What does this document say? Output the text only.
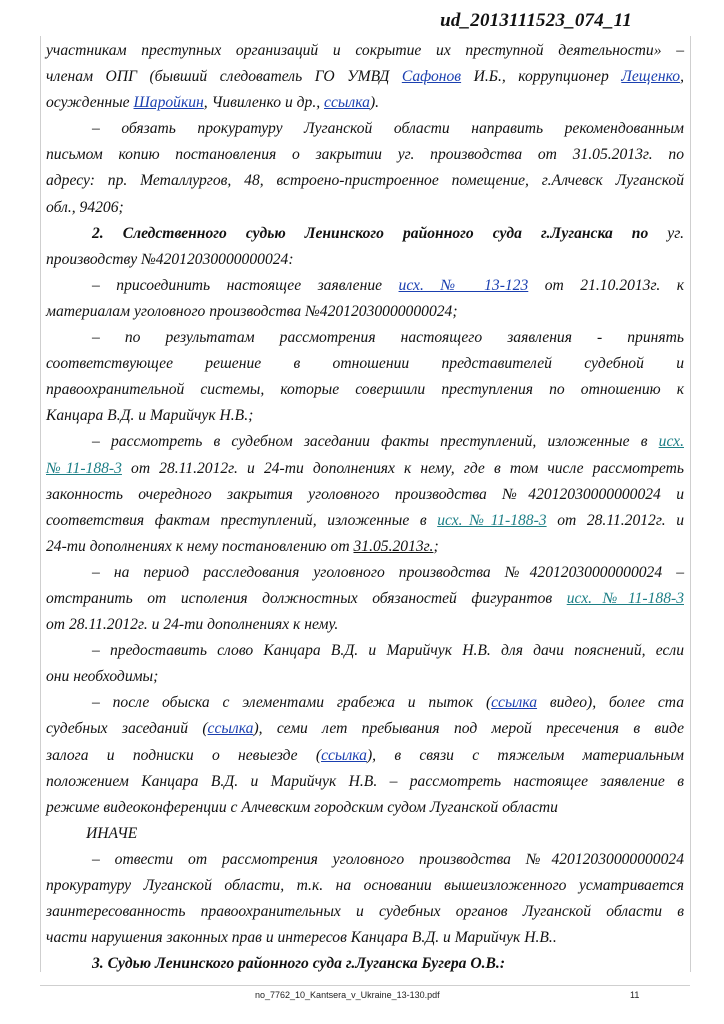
ud_2013111523_074_11
участникам преступных организаций и сокрытие их преступной деятельности» –
членам ОПГ (бывший следователь ГО УМВД Сафонов И.Б., коррупционер Лещенко,
осужденные Шаройкин, Чивиленко и др., ссылка).
– обязать прокуратуру Луганской области направить рекомендованным
письмом копию постановления о закрытии уг. производства от 31.05.2013г. по
адресу: пр. Металлургов, 48, встроено-пристроенное помещение, г.Алчевск Луганской
обл., 94206;
2. Следственного судью Ленинского районного суда г.Луганска по уг.
производству №42012030000000024:
– присоединить настоящее заявление исх. № 13-123 от 21.10.2013г. к
материалам уголовного производства №42012030000000024;
– по результатам рассмотрения настоящего заявления - принять
соответствующее решение в отношении представителей судебной и
правоохранительной системы, которые совершили преступления по отношению к
Канцара В.Д. и Марийчук Н.В.;
– рассмотреть в судебном заседании факты преступлений, изложенные в исх.
№11-188-3 от 28.11.2012г. и 24-ти дополнениях к нему, где в том числе рассмотреть
законность очередного закрытия уголовного производства №42012030000000024 и
соответствия фактам преступлений, изложенные в исх.№11-188-3 от 28.11.2012г. и
24-ти дополнениях к нему постановлению от 31.05.2013г.;
– на период расследования уголовного производства №42012030000000024 –
отстранить от исполения должностных обязаностей фигурантов исх.№11-188-3
от 28.11.2012г. и 24-ти дополнениях к нему.
– предоставить слово Канцара В.Д. и Марийчук Н.В. для дачи пояснений, если
они необходимы;
– после обыска с элементами грабежа и пыток (ссылка видео), более ста
судебных заседаний (ссылка), семи лет пребывания под мерой пресечения в виде
залога и подниски о невыезде (ссылка), в связи с тяжелым материальным
положением Канцара В.Д. и Марийчук Н.В. – рассмотреть настоящее заявление в
режиме видеоконференции с Алчевским городским судом Луганской области
ИНАЧЕ
– отвести от рассмотрения уголовного производства №42012030000000024
прокуратуру Луганской области, т.к. на основании вышеизложенного усматривается
заинтересованность правоохранительных и судебных органов Луганской области в
части нарушения законных прав и интересов Канцара В.Д. и Марийчук Н.В..
3. Судью Ленинского районного суда г.Луганска Бугера О.В.:
no_7762_10_Kantsera_v_Ukraine_13-130.pdf	11
